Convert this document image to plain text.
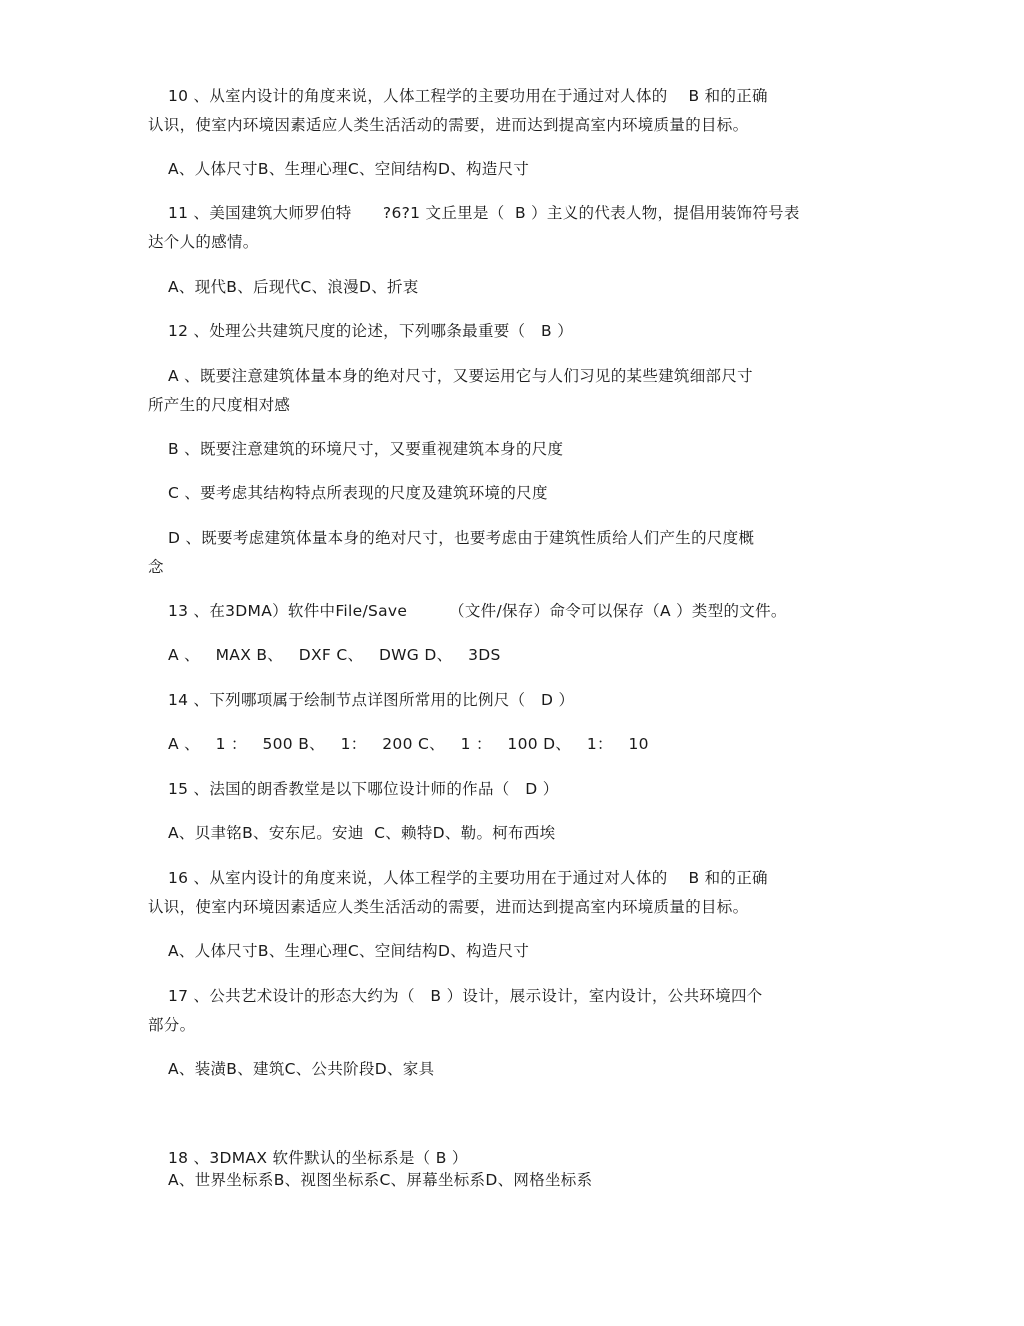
10 、从室内设计的角度来说，人体工程学的主要功用在于通过对人体的    B 和的正确
认识，使室内环境因素适应人类生活活动的需要，进而达到提高室内环境质量的目标。
A、人体尺寸B、生理心理C、空间结构D、构造尺寸
11 、美国建筑大师罗伯特      ?6?1 文丘里是（  B ）主义的代表人物，提倡用装饰符号表
达个人的感情。
A、现代B、后现代C、浪漫D、折衷
12 、处理公共建筑尺度的论述，下列哪条最重要（   B ）
A 、既要注意建筑体量本身的绝对尺寸，又要运用它与人们习见的某些建筑细部尺寸
所产生的尺度相对感
B 、既要注意建筑的环境尺寸，又要重视建筑本身的尺度
C 、要考虑其结构特点所表现的尺度及建筑环境的尺度
D 、既要考虑建筑体量本身的绝对尺寸，也要考虑由于建筑性质给人们产生的尺度概
念
13 、在3DMA）软件中File/Save        （文件/保存）命令可以保存（A ）类型的文件。
A 、   MAX B、   DXF C、   DWG D、   3DS
14 、下列哪项属于绘制节点详图所常用的比例尺（   D ）
A 、   1 ：   500 B、   1：   200 C、   1 ：   100 D、   1：   10
15 、法国的朗香教堂是以下哪位设计师的作品（   D ）
A、贝聿铭B、安东尼。安迪  C、赖特D、勒。柯布西埃
16 、从室内设计的角度来说，人体工程学的主要功用在于通过对人体的    B 和的正确
认识，使室内环境因素适应人类生活活动的需要，进而达到提高室内环境质量的目标。
A、人体尺寸B、生理心理C、空间结构D、构造尺寸
17 、公共艺术设计的形态大约为（   B ）设计，展示设计，室内设计，公共环境四个
部分。
A、装潢B、建筑C、公共阶段D、家具
18 、3DMAX 软件默认的坐标系是（ B ）
A、世界坐标系B、视图坐标系C、屏幕坐标系D、网格坐标系
